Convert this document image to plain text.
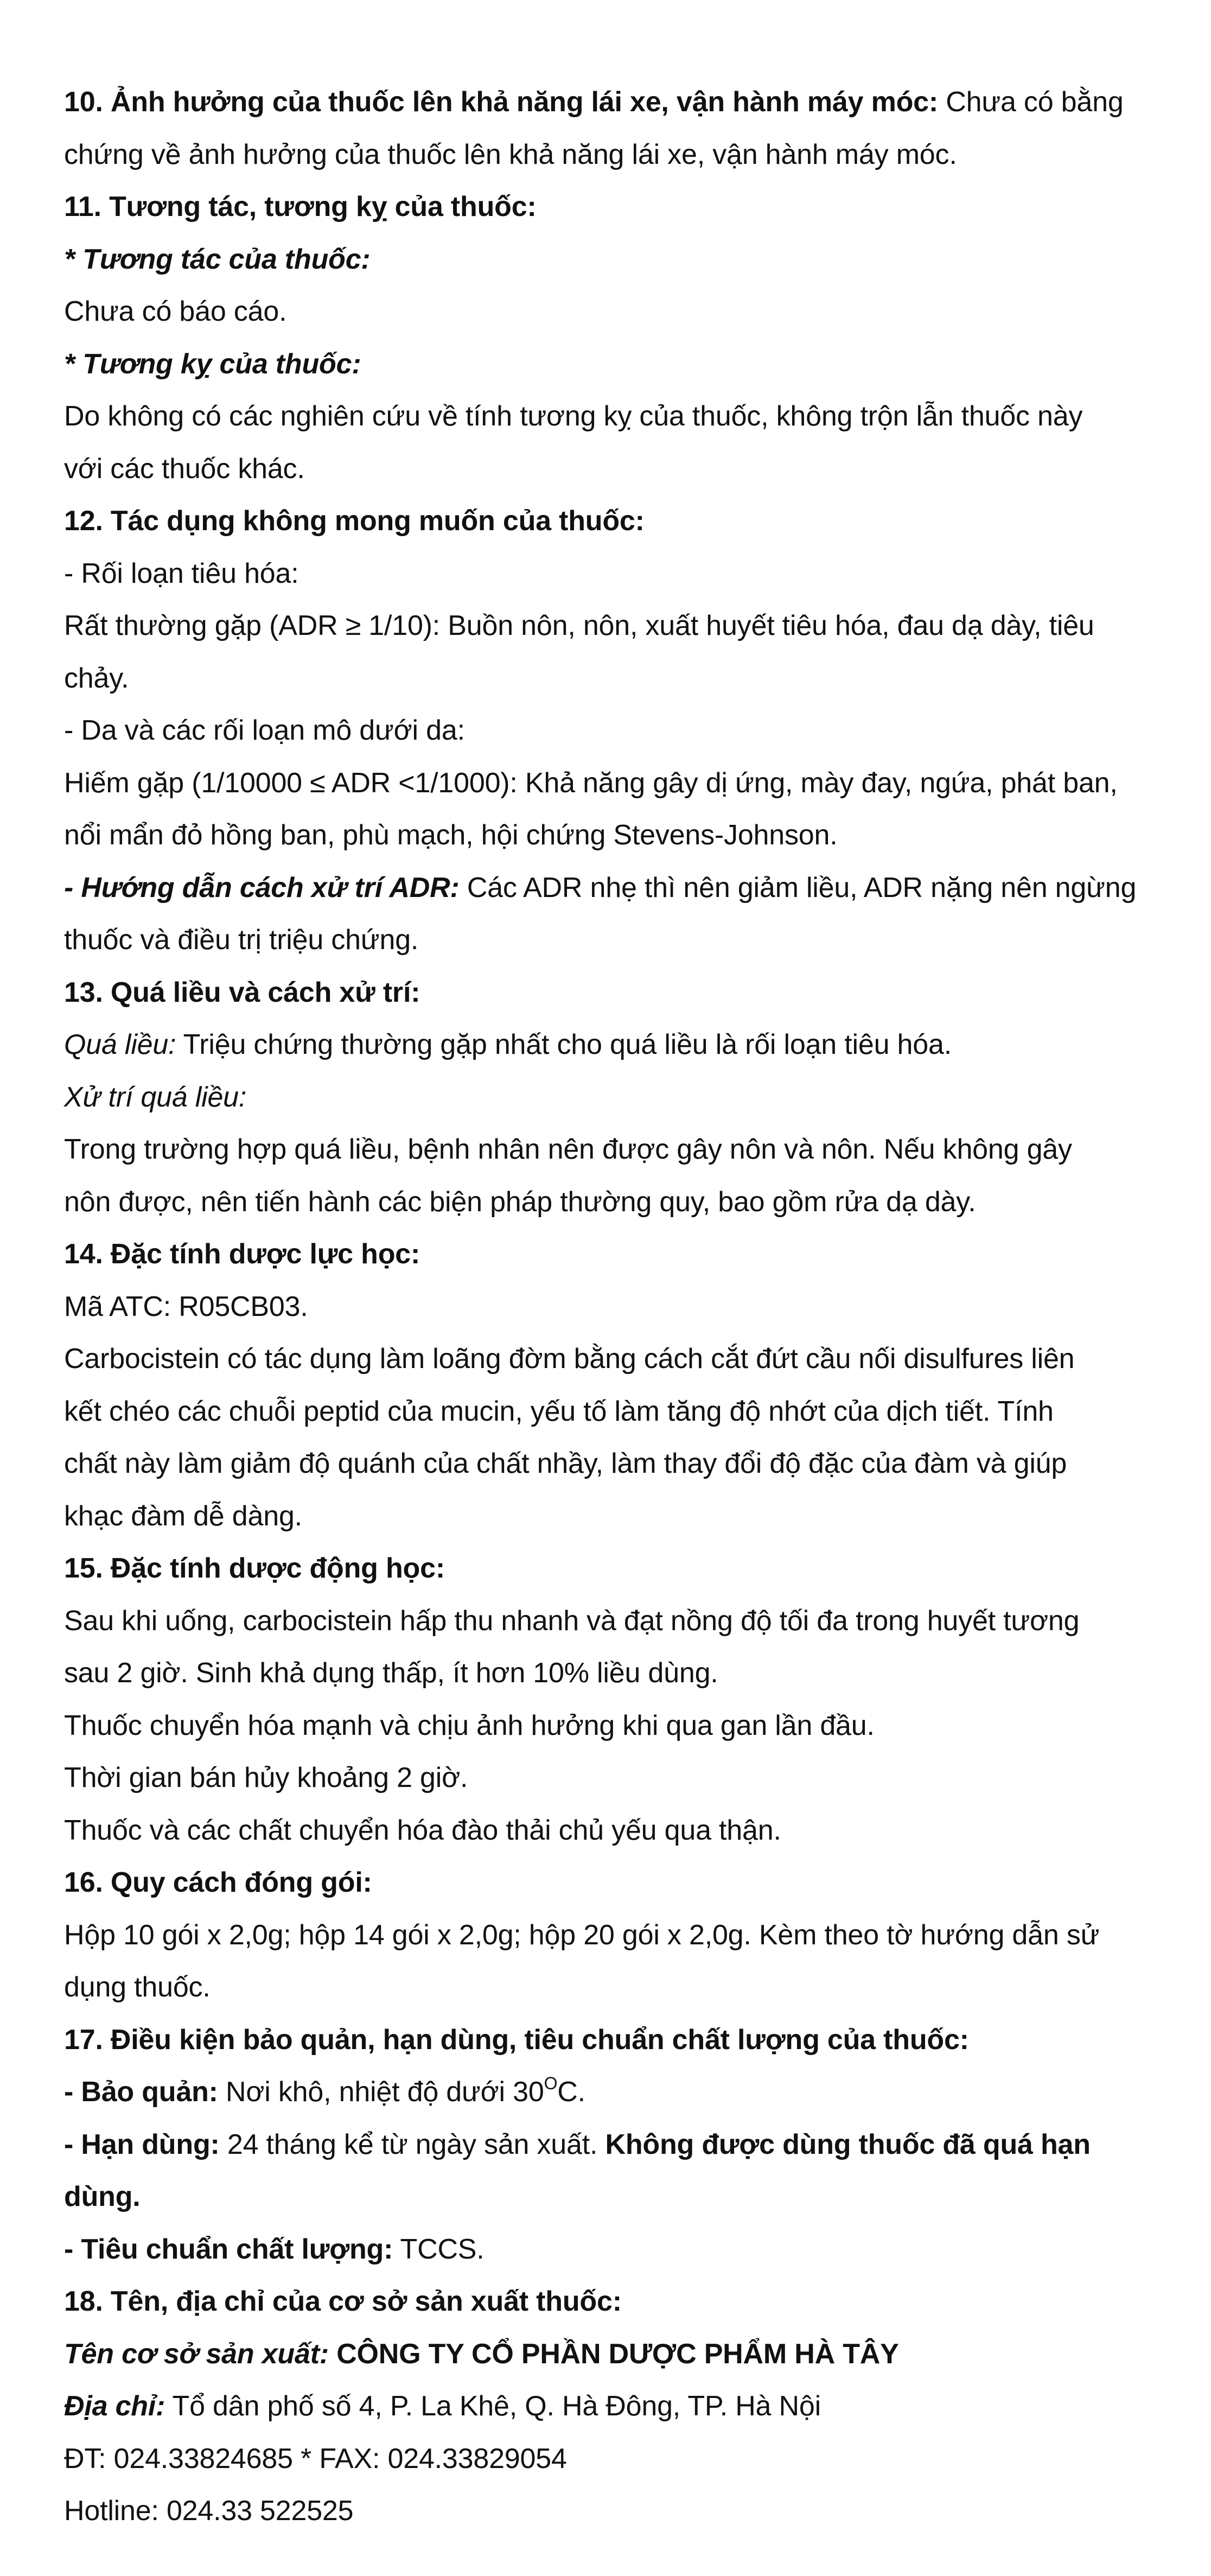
10. Ảnh hưởng của thuốc lên khả năng lái xe, vận hành máy móc: Chưa có bằng

chứng về ảnh hưởng của thuốc lên khả năng lái xe, vận hành máy móc.

11. Tương tác, tương kỵ của thuốc:

* Tương tác của thuốc:

Chưa có báo cáo.

* Tương kỵ của thuốc:

Do không có các nghiên cứu về tính tương kỵ của thuốc, không trộn lẫn thuốc này

với các thuốc khác.

12. Tác dụng không mong muốn của thuốc:

- Rối loạn tiêu hóa:

Rất thường gặp (ADR ≥ 1/10): Buồn nôn, nôn, xuất huyết tiêu hóa, đau dạ dày, tiêu

chảy.

- Da và các rối loạn mô dưới da:

Hiếm gặp (1/10000 ≤ ADR <1/1000): Khả năng gây dị ứng, mày đay, ngứa, phát ban,

nổi mẩn đỏ hồng ban, phù mạch, hội chứng Stevens-Johnson.

- Hướng dẫn cách xử trí ADR: Các ADR nhẹ thì nên giảm liều, ADR nặng nên ngừng

thuốc và điều trị triệu chứng.

13. Quá liều và cách xử trí:

Quá liều: Triệu chứng thường gặp nhất cho quá liều là rối loạn tiêu hóa.

Xử trí quá liều:

Trong trường hợp quá liều, bệnh nhân nên được gây nôn và nôn. Nếu không gây

nôn được, nên tiến hành các biện pháp thường quy, bao gồm rửa dạ dày.

14. Đặc tính dược lực học:

Mã ATC: R05CB03.

Carbocistein có tác dụng làm loãng đờm bằng cách cắt đứt cầu nối disulfures liên

kết chéo các chuỗi peptid của mucin, yếu tố làm tăng độ nhớt của dịch tiết. Tính

chất này làm giảm độ quánh của chất nhầy, làm thay đổi độ đặc của đàm và giúp

khạc đàm dễ dàng.

15. Đặc tính dược động học:

Sau khi uống, carbocistein hấp thu nhanh và đạt nồng độ tối đa trong huyết tương

sau 2 giờ. Sinh khả dụng thấp, ít hơn 10% liều dùng.

Thuốc chuyển hóa mạnh và chịu ảnh hưởng khi qua gan lần đầu.

Thời gian bán hủy khoảng 2 giờ.

Thuốc và các chất chuyển hóa đào thải chủ yếu qua thận.

16. Quy cách đóng gói:

Hộp 10 gói x 2,0g; hộp 14 gói x 2,0g; hộp 20 gói x 2,0g. Kèm theo tờ hướng dẫn sử

dụng thuốc.

17. Điều kiện bảo quản, hạn dùng, tiêu chuẩn chất lượng của thuốc:

- Bảo quản: Nơi khô, nhiệt độ dưới $30^OC$.

- Hạn dùng: 24 tháng kể từ ngày sản xuất. Không được dùng thuốc đã quá hạn

dùng.

- Tiêu chuẩn chất lượng: TCCS.

18. Tên, địa chỉ của cơ sở sản xuất thuốc:

Tên cơ sở sản xuất: CÔNG TY CỔ PHẦN DƯỢC PHẨM HÀ TÂY

Địa chỉ: Tổ dân phố số 4, P. La Khê, Q. Hà Đông, TP. Hà Nội

ĐT: 024.33824685 * FAX: 024.33829054

Hotline: 024.33 522525
